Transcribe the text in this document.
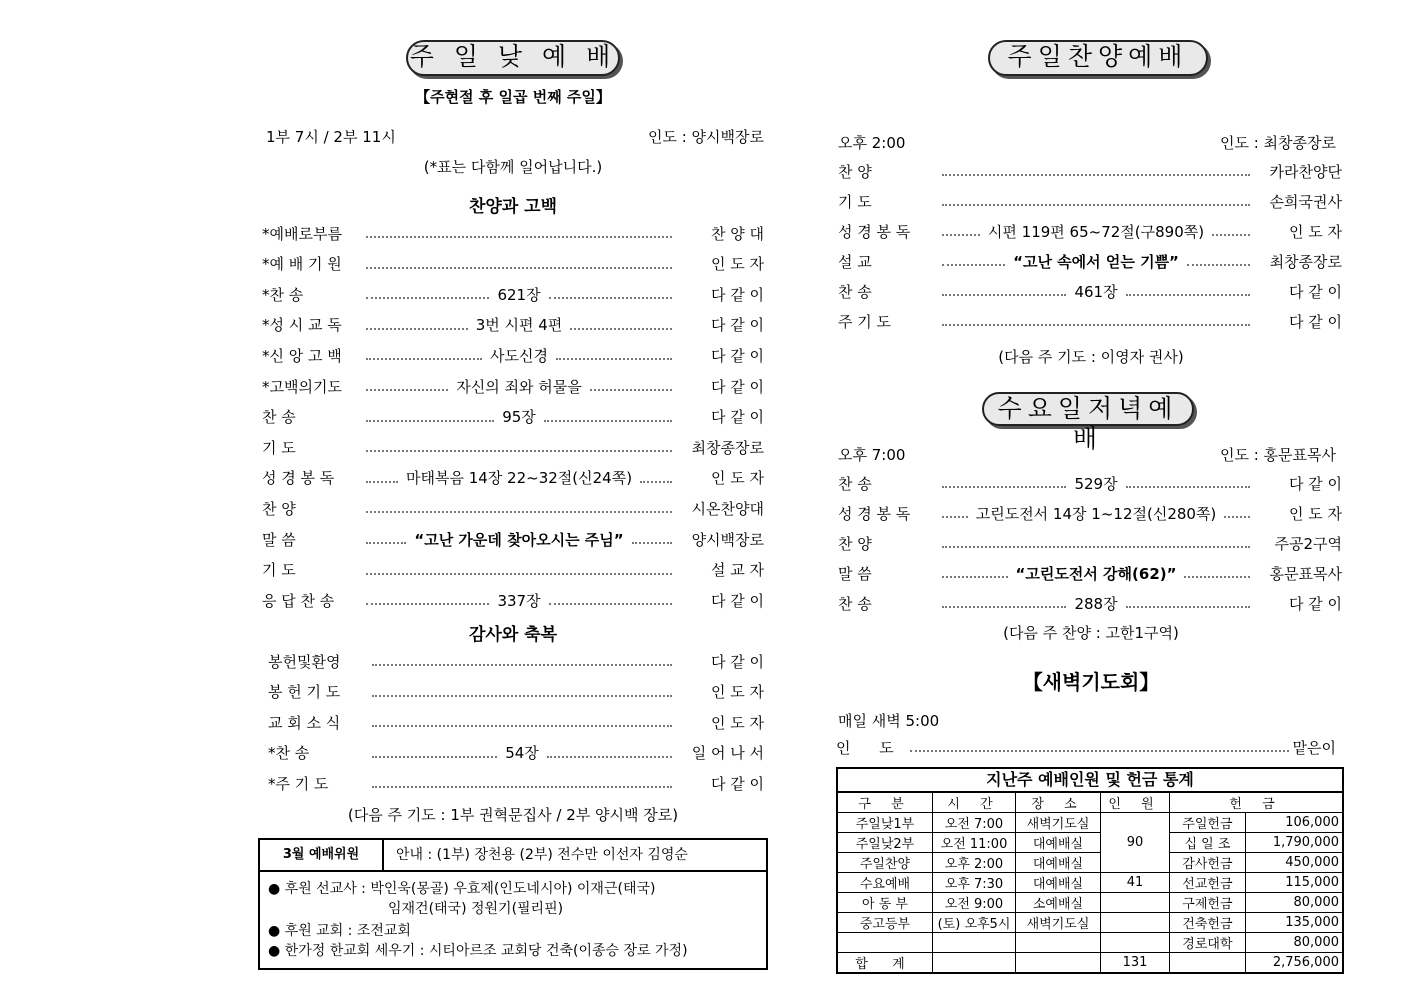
주 일 낮 예 배
【주현절 후 일곱 번째 주일】
1부 7시 / 2부 11시	인도 : 양시백장로
(*표는 다함께 일어납니다.)
찬양과 고백
*예배로부름	찬 양 대
*예 배 기 원	인 도 자
*찬 송	621장	다 같 이
*성 시 교 독	3번 시편 4편	다 같 이
*신 앙 고 백	사도신경	다 같 이
*고백의기도	자신의 죄와 허물을	다 같 이
찬 송	95장	다 같 이
기 도	최창종장로
성 경 봉 독	마태복음 14장 22~32절(신24쪽)	인 도 자
찬 양	시온찬양대
말 씀	“고난 가운데 찾아오시는 주님”	양시백장로
기 도	설 교 자
응 답 찬 송	337장	다 같 이
감사와 축복
봉헌및환영	다 같 이
봉 헌 기 도	인 도 자
교 회 소 식	인 도 자
*찬 송	54장	일 어 나 서
*주 기 도	다 같 이
(다음 주 기도 : 1부 권혁문집사 / 2부 양시백 장로)
3월 예배위원	안내 : (1부) 장천용 (2부) 전수만 이선자 김영순
● 후원 선교사 : 박인욱(몽골) 우효제(인도네시아) 이재근(태국)
임재건(태국) 정원기(필리핀)
● 후원 교회 : 조전교회
● 한가정 한교회 세우기 : 시티아르조 교회당 건축(이종승 장로 가정)
주일찬양예배
오후 2:00	인도 : 최창종장로
찬 양	카라찬양단
기 도	손희국권사
성 경 봉 독	시편 119편 65~72절(구890쪽)	인 도 자
설 교	“고난 속에서 얻는 기쁨”	최창종장로
찬 송	461장	다 같 이
주 기 도	다 같 이
(다음 주 기도 : 이영자 권사)
수요일저녁예배
오후 7:00	인도 : 홍문표목사
찬 송	529장	다 같 이
성 경 봉 독	고린도전서 14장 1~12절(신280쪽)	인 도 자
찬 양	주공2구역
말 씀	“고린도전서 강해(62)”	홍문표목사
찬 송	288장	다 같 이
(다음 주 찬양 : 고한1구역)
【새벽기도회】
매일 새벽 5:00
인 도	맡은이
지난주 예배인원 및 헌금 통계
구 분	시 간	장 소	인 원	헌 금	
주일낮1부	오전 7:00	새벽기도실	90	주일헌금	106,000
주일낮2부	오전 11:00	대예배실		십 일 조	1,790,000
주일찬양	오후 2:00	대예배실		감사헌금	450,000
수요예배	오후 7:30	대예배실	41	선교헌금	115,000
아 동 부	오전 9:00	소예배실		구제헌금	80,000
중고등부	(토) 오후5시	새벽기도실		건축헌금	135,000
				경로대학	80,000
합 계			131		2,756,000
